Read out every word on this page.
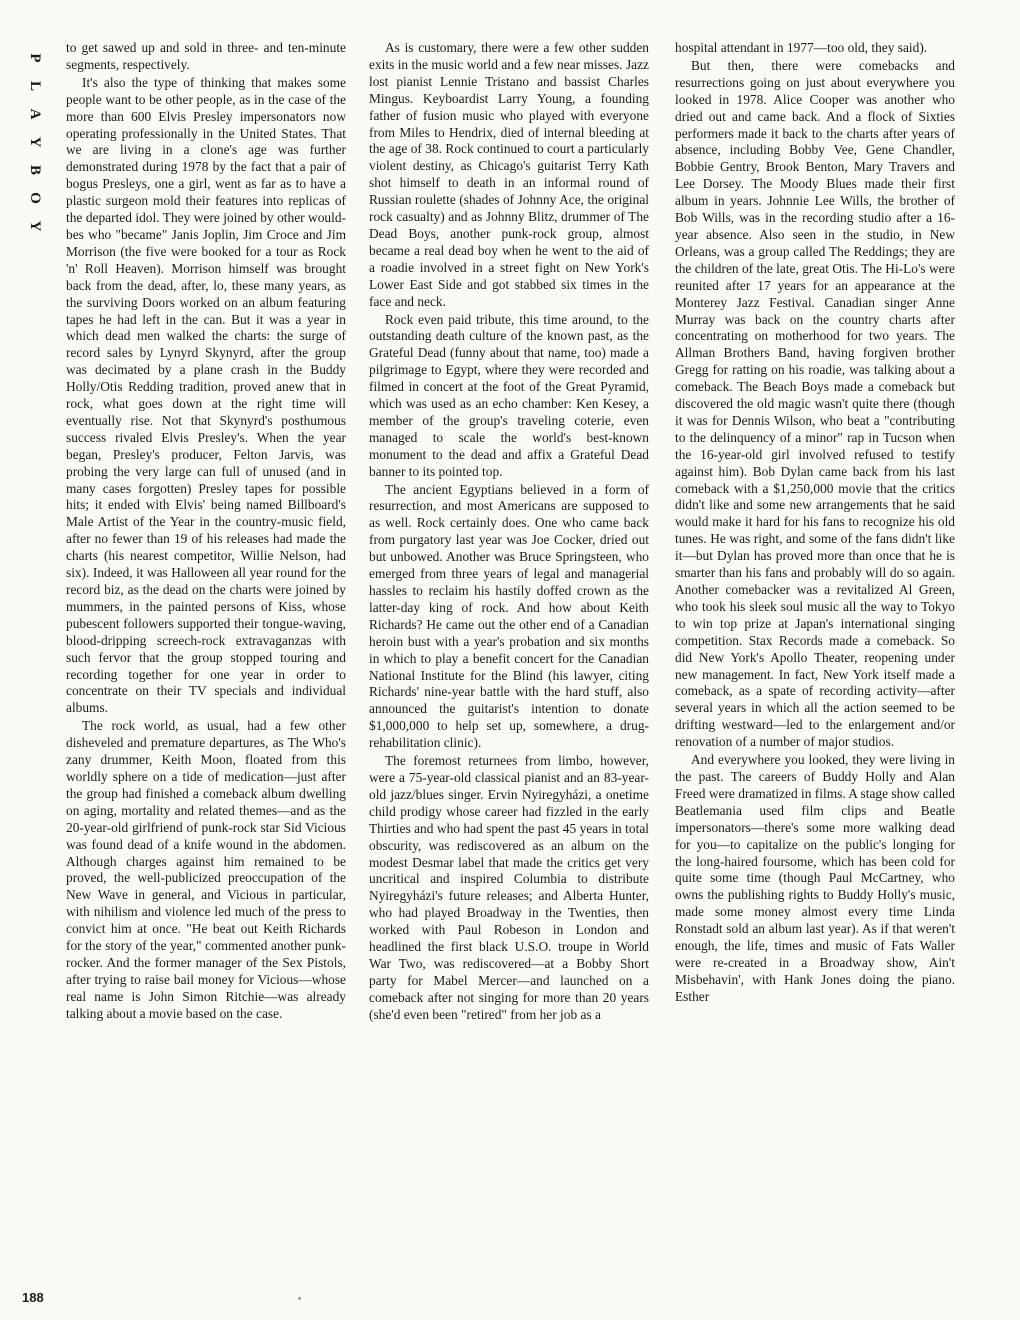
P
L
A
Y
B
O
Y

to get sawed up and sold in three- and ten-minute segments, respectively.

It's also the type of thinking that makes some people want to be other people, as in the case of the more than 600 Elvis Presley impersonators now operating professionally in the United States. That we are living in a clone's age was further demonstrated during 1978 by the fact that a pair of bogus Presleys, one a girl, went as far as to have a plastic surgeon mold their features into replicas of the departed idol. They were joined by other would-bes who "became" Janis Joplin, Jim Croce and Jim Morrison (the five were booked for a tour as Rock 'n' Roll Heaven). Morrison himself was brought back from the dead, after, lo, these many years, as the surviving Doors worked on an album featuring tapes he had left in the can. But it was a year in which dead men walked the charts: the surge of record sales by Lynyrd Skynyrd, after the group was decimated by a plane crash in the Buddy Holly/Otis Redding tradition, proved anew that in rock, what goes down at the right time will eventually rise. Not that Skynyrd's posthumous success rivaled Elvis Presley's. When the year began, Presley's producer, Felton Jarvis, was probing the very large can full of unused (and in many cases forgotten) Presley tapes for possible hits; it ended with Elvis' being named Billboard's Male Artist of the Year in the country-music field, after no fewer than 19 of his releases had made the charts (his nearest competitor, Willie Nelson, had six). Indeed, it was Halloween all year round for the record biz, as the dead on the charts were joined by mummers, in the painted persons of Kiss, whose pubescent followers supported their tongue-waving, blood-dripping screech-rock extravaganzas with such fervor that the group stopped touring and recording together for one year in order to concentrate on their TV specials and individual albums.

The rock world, as usual, had a few other disheveled and premature departures, as The Who's zany drummer, Keith Moon, floated from this worldly sphere on a tide of medication—just after the group had finished a comeback album dwelling on aging, mortality and related themes—and as the 20-year-old girlfriend of punk-rock star Sid Vicious was found dead of a knife wound in the abdomen. Although charges against him remained to be proved, the well-publicized preoccupation of the New Wave in general, and Vicious in particular, with nihilism and violence led much of the press to convict him at once. "He beat out Keith Richards for the story of the year," commented another punk-rocker. And the former manager of the Sex Pistols, after trying to raise bail money for Vicious—whose real name is John Simon Ritchie—was already talking about a movie based on the case.

As is customary, there were a few other sudden exits in the music world and a few near misses. Jazz lost pianist Lennie Tristano and bassist Charles Mingus. Keyboardist Larry Young, a founding father of fusion music who played with everyone from Miles to Hendrix, died of internal bleeding at the age of 38. Rock continued to court a particularly violent destiny, as Chicago's guitarist Terry Kath shot himself to death in an informal round of Russian roulette (shades of Johnny Ace, the original rock casualty) and as Johnny Blitz, drummer of The Dead Boys, another punk-rock group, almost became a real dead boy when he went to the aid of a roadie involved in a street fight on New York's Lower East Side and got stabbed six times in the face and neck.

Rock even paid tribute, this time around, to the outstanding death culture of the known past, as the Grateful Dead (funny about that name, too) made a pilgrimage to Egypt, where they were recorded and filmed in concert at the foot of the Great Pyramid, which was used as an echo chamber: Ken Kesey, a member of the group's traveling coterie, even managed to scale the world's best-known monument to the dead and affix a Grateful Dead banner to its pointed top.

The ancient Egyptians believed in a form of resurrection, and most Americans are supposed to as well. Rock certainly does. One who came back from purgatory last year was Joe Cocker, dried out but unbowed. Another was Bruce Springsteen, who emerged from three years of legal and managerial hassles to reclaim his hastily doffed crown as the latter-day king of rock. And how about Keith Richards? He came out the other end of a Canadian heroin bust with a year's probation and six months in which to play a benefit concert for the Canadian National Institute for the Blind (his lawyer, citing Richards' nine-year battle with the hard stuff, also announced the guitarist's intention to donate $1,000,000 to help set up, somewhere, a drug-rehabilitation clinic).

The foremost returnees from limbo, however, were a 75-year-old classical pianist and an 83-year-old jazz/blues singer. Ervin Nyiregyházi, a onetime child prodigy whose career had fizzled in the early Thirties and who had spent the past 45 years in total obscurity, was rediscovered as an album on the modest Desmar label that made the critics get very uncritical and inspired Columbia to distribute Nyiregyházi's future releases; and Alberta Hunter, who had played Broadway in the Twenties, then worked with Paul Robeson in London and headlined the first black U.S.O. troupe in World War Two, was rediscovered—at a Bobby Short party for Mabel Mercer—and launched on a comeback after not singing for more than 20 years (she'd even been "retired" from her job as a

hospital attendant in 1977—too old, they said).

But then, there were comebacks and resurrections going on just about everywhere you looked in 1978. Alice Cooper was another who dried out and came back. And a flock of Sixties performers made it back to the charts after years of absence, including Bobby Vee, Gene Chandler, Bobbie Gentry, Brook Benton, Mary Travers and Lee Dorsey. The Moody Blues made their first album in years. Johnnie Lee Wills, the brother of Bob Wills, was in the recording studio after a 16-year absence. Also seen in the studio, in New Orleans, was a group called The Reddings; they are the children of the late, great Otis. The Hi-Lo's were reunited after 17 years for an appearance at the Monterey Jazz Festival. Canadian singer Anne Murray was back on the country charts after concentrating on motherhood for two years. The Allman Brothers Band, having forgiven brother Gregg for ratting on his roadie, was talking about a comeback. The Beach Boys made a comeback but discovered the old magic wasn't quite there (though it was for Dennis Wilson, who beat a "contributing to the delinquency of a minor" rap in Tucson when the 16-year-old girl involved refused to testify against him). Bob Dylan came back from his last comeback with a $1,250,000 movie that the critics didn't like and some new arrangements that he said would make it hard for his fans to recognize his old tunes. He was right, and some of the fans didn't like it—but Dylan has proved more than once that he is smarter than his fans and probably will do so again. Another comebacker was a revitalized Al Green, who took his sleek soul music all the way to Tokyo to win top prize at Japan's international singing competition. Stax Records made a comeback. So did New York's Apollo Theater, reopening under new management. In fact, New York itself made a comeback, as a spate of recording activity—after several years in which all the action seemed to be drifting westward—led to the enlargement and/or renovation of a number of major studios.

And everywhere you looked, they were living in the past. The careers of Buddy Holly and Alan Freed were dramatized in films. A stage show called Beatlemania used film clips and Beatle impersonators—there's some more walking dead for you—to capitalize on the public's longing for the long-haired foursome, which has been cold for quite some time (though Paul McCartney, who owns the publishing rights to Buddy Holly's music, made some money almost every time Linda Ronstadt sold an album last year). As if that weren't enough, the life, times and music of Fats Waller were re-created in a Broadway show, Ain't Misbehavin', with Hank Jones doing the piano. Esther

188
